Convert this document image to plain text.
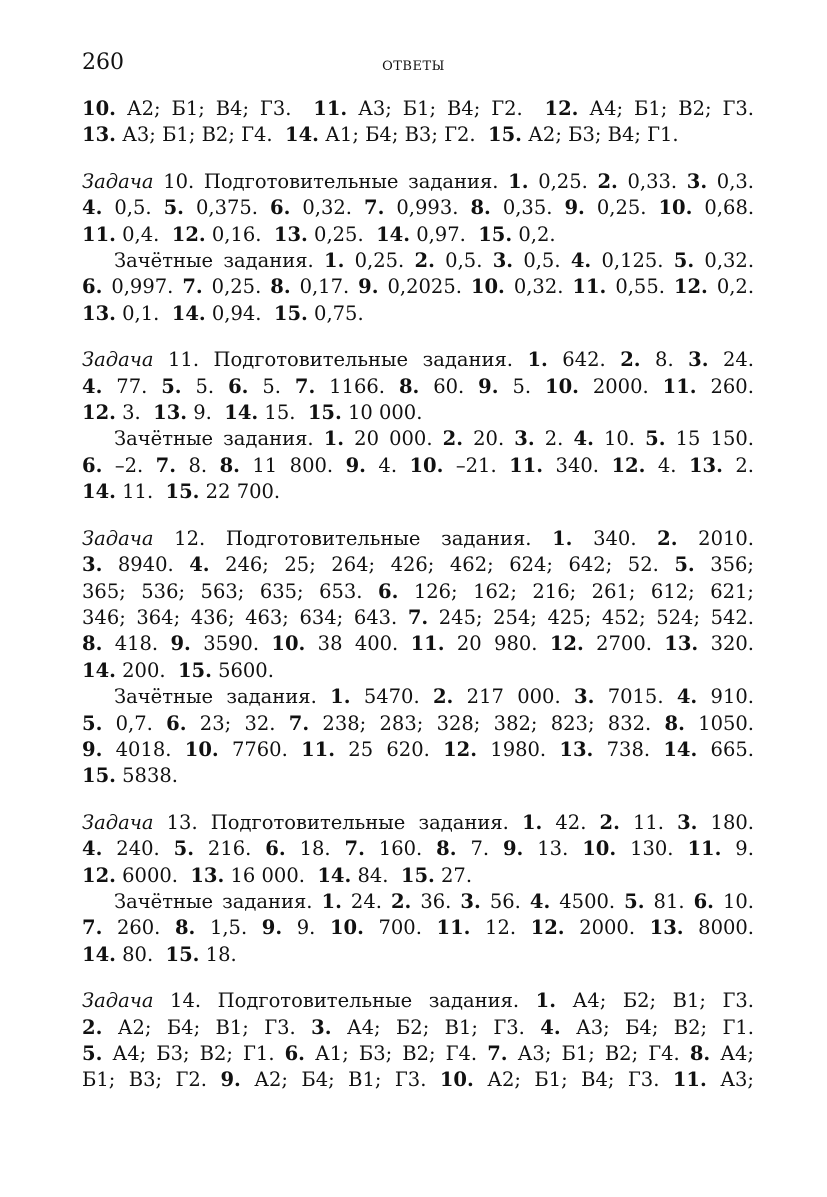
260	ОТВЕТЫ
10. А2; Б1; В4; Г3.  11. А3; Б1; В4; Г2.  12. А4; Б1; В2; Г3.
13. А3; Б1; В2; Г4.  14. А1; Б4; В3; Г2.  15. А2; Б3; В4; Г1.
Задача 10. Подготовительные задания. 1. 0,25. 2. 0,33. 3. 0,3.
4. 0,5. 5. 0,375. 6. 0,32. 7. 0,993. 8. 0,35. 9. 0,25. 10. 0,68.
11. 0,4.  12. 0,16.  13. 0,25.  14. 0,97.  15. 0,2.
Зачётные задания. 1. 0,25. 2. 0,5. 3. 0,5. 4. 0,125. 5. 0,32.
6. 0,997. 7. 0,25. 8. 0,17. 9. 0,2025. 10. 0,32. 11. 0,55. 12. 0,2.
13. 0,1.  14. 0,94.  15. 0,75.
Задача 11. Подготовительные задания. 1. 642. 2. 8. 3. 24.
4. 77. 5. 5. 6. 5. 7. 1166. 8. 60. 9. 5. 10. 2000. 11. 260.
12. 3.  13. 9.  14. 15.  15. 10 000.
Зачётные задания. 1. 20 000. 2. 20. 3. 2. 4. 10. 5. 15 150.
6. –2. 7. 8. 8. 11 800. 9. 4. 10. –21. 11. 340. 12. 4. 13. 2.
14. 11.  15. 22 700.
Задача 12. Подготовительные задания. 1. 340. 2. 2010.
3. 8940. 4. 246; 25; 264; 426; 462; 624; 642; 52. 5. 356;
365; 536; 563; 635; 653. 6. 126; 162; 216; 261; 612; 621;
346; 364; 436; 463; 634; 643. 7. 245; 254; 425; 452; 524; 542.
8. 418. 9. 3590. 10. 38 400. 11. 20 980. 12. 2700. 13. 320.
14. 200.  15. 5600.
Зачётные задания. 1. 5470. 2. 217 000. 3. 7015. 4. 910.
5. 0,7. 6. 23; 32. 7. 238; 283; 328; 382; 823; 832. 8. 1050.
9. 4018. 10. 7760. 11. 25 620. 12. 1980. 13. 738. 14. 665.
15. 5838.
Задача 13. Подготовительные задания. 1. 42. 2. 11. 3. 180.
4. 240. 5. 216. 6. 18. 7. 160. 8. 7. 9. 13. 10. 130. 11. 9.
12. 6000.  13. 16 000.  14. 84.  15. 27.
Зачётные задания. 1. 24. 2. 36. 3. 56. 4. 4500. 5. 81. 6. 10.
7. 260. 8. 1,5. 9. 9. 10. 700. 11. 12. 12. 2000. 13. 8000.
14. 80.  15. 18.
Задача 14. Подготовительные задания. 1. А4; Б2; В1; Г3.
2. А2; Б4; В1; Г3. 3. А4; Б2; В1; Г3. 4. А3; Б4; В2; Г1.
5. А4; Б3; В2; Г1. 6. А1; Б3; В2; Г4. 7. А3; Б1; В2; Г4. 8. А4;
Б1; В3; Г2. 9. А2; Б4; В1; Г3. 10. А2; Б1; В4; Г3. 11. А3;
